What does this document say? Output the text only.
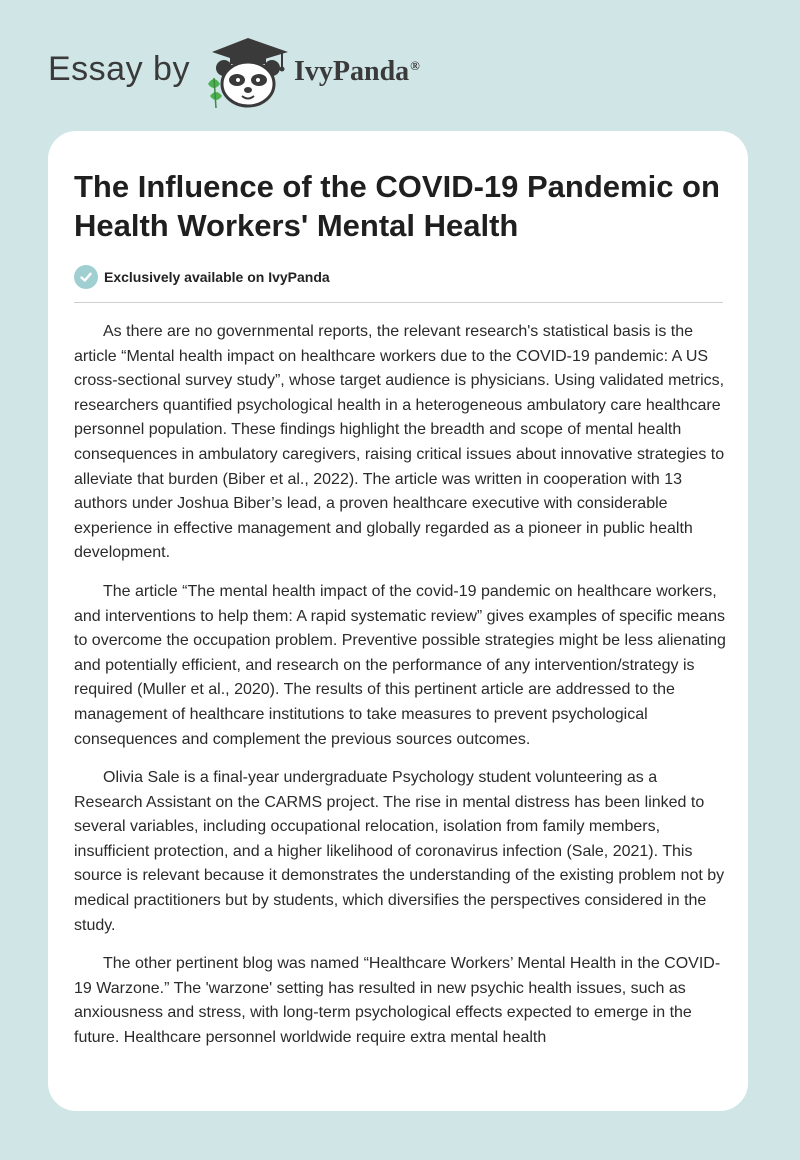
Essay by	IvyPanda®
The Influence of the COVID-19 Pandemic on Health Workers' Mental Health
Exclusively available on IvyPanda

As there are no governmental reports, the relevant research's statistical basis is the article “Mental health impact on healthcare workers due to the COVID-19 pandemic: A US cross-sectional survey study”, whose target audience is physicians. Using validated metrics, researchers quantified psychological health in a heterogeneous ambulatory care healthcare personnel population. These findings highlight the breadth and scope of mental health consequences in ambulatory caregivers, raising critical issues about innovative strategies to alleviate that burden (Biber et al., 2022). The article was written in cooperation with 13 authors under Joshua Biber’s lead, a proven healthcare executive with considerable experience in effective management and globally regarded as a pioneer in public health development.

The article “The mental health impact of the covid-19 pandemic on healthcare workers, and interventions to help them: A rapid systematic review” gives examples of specific means to overcome the occupation problem. Preventive possible strategies might be less alienating and potentially efficient, and research on the performance of any intervention/strategy is required (Muller et al., 2020). The results of this pertinent article are addressed to the management of healthcare institutions to take measures to prevent psychological consequences and complement the previous sources outcomes.

Olivia Sale is a final-year undergraduate Psychology student volunteering as a Research Assistant on the CARMS project. The rise in mental distress has been linked to several variables, including occupational relocation, isolation from family members, insufficient protection, and a higher likelihood of coronavirus infection (Sale, 2021). This source is relevant because it demonstrates the understanding of the existing problem not by medical practitioners but by students, which diversifies the perspectives considered in the study.

The other pertinent blog was named “Healthcare Workers’ Mental Health in the COVID-19 Warzone.” The 'warzone' setting has resulted in new psychic health issues, such as anxiousness and stress, with long-term psychological effects expected to emerge in the future. Healthcare personnel worldwide require extra mental health
